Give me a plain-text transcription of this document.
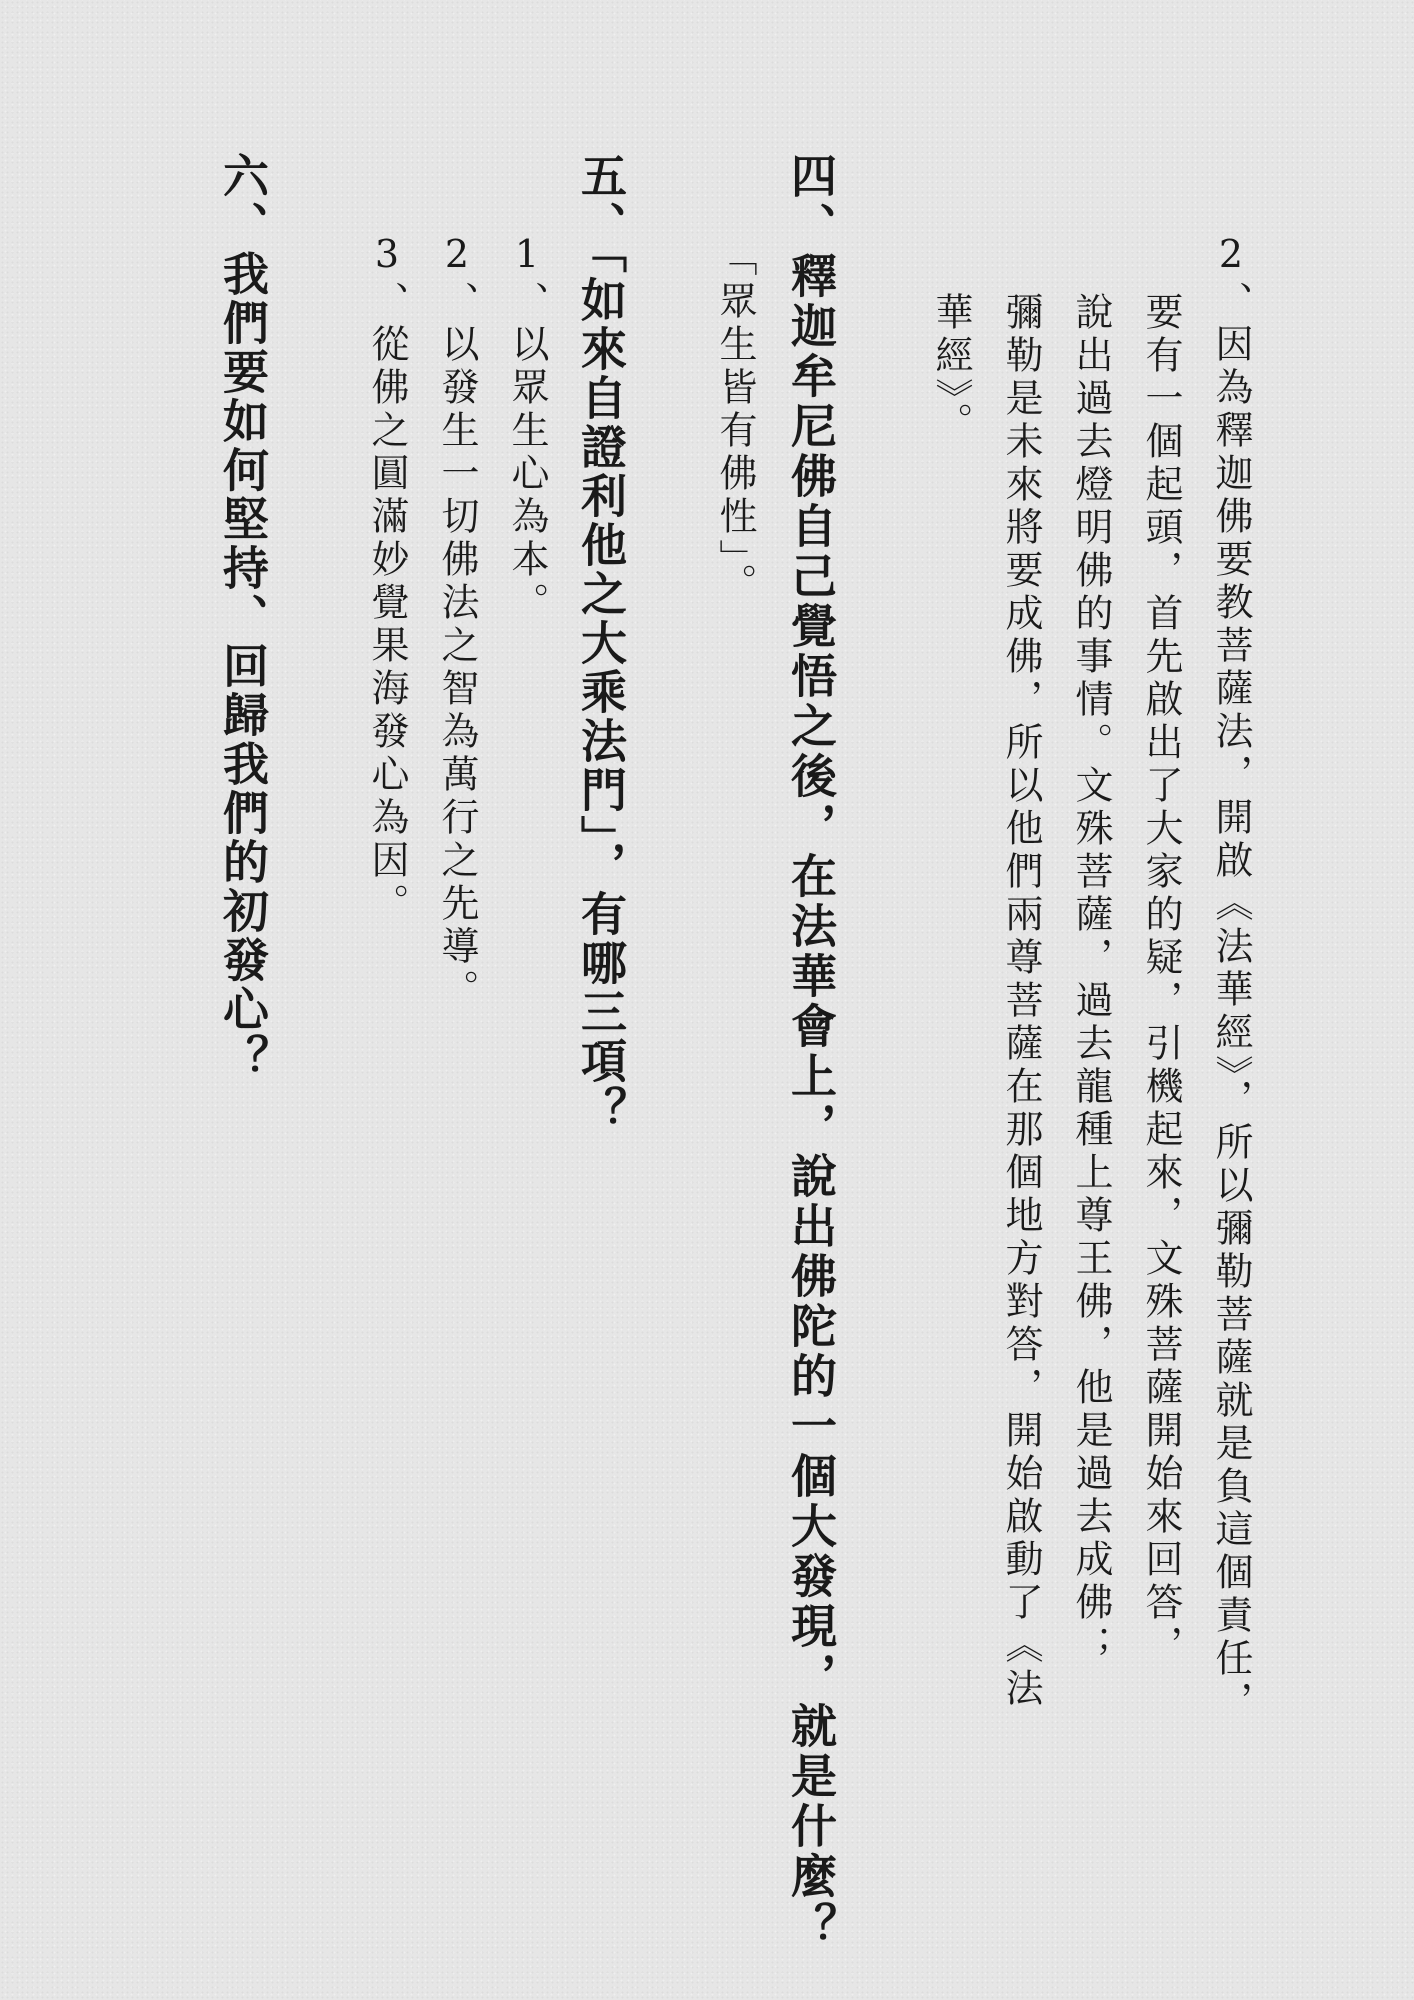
2、因為釋迦佛要教菩薩法，開啟《法華經》，所以彌勒菩薩就是負這個責任，
要有一個起頭，首先啟出了大家的疑，引機起來，文殊菩薩開始來回答，
說出過去燈明佛的事情。文殊菩薩，過去龍種上尊王佛，他是過去成佛；
彌勒是未來將要成佛，所以他們兩尊菩薩在那個地方對答，開始啟動了《法
華經》。
四、釋迦牟尼佛自己覺悟之後，在法華會上，說出佛陀的一個大發現，就是什麼？
「眾生皆有佛性」。
五、「如來自證利他之大乘法門」，有哪三項？
1、以眾生心為本。
2、以發生一切佛法之智為萬行之先導。
3、從佛之圓滿妙覺果海發心為因。
六、我們要如何堅持、回歸我們的初發心？
